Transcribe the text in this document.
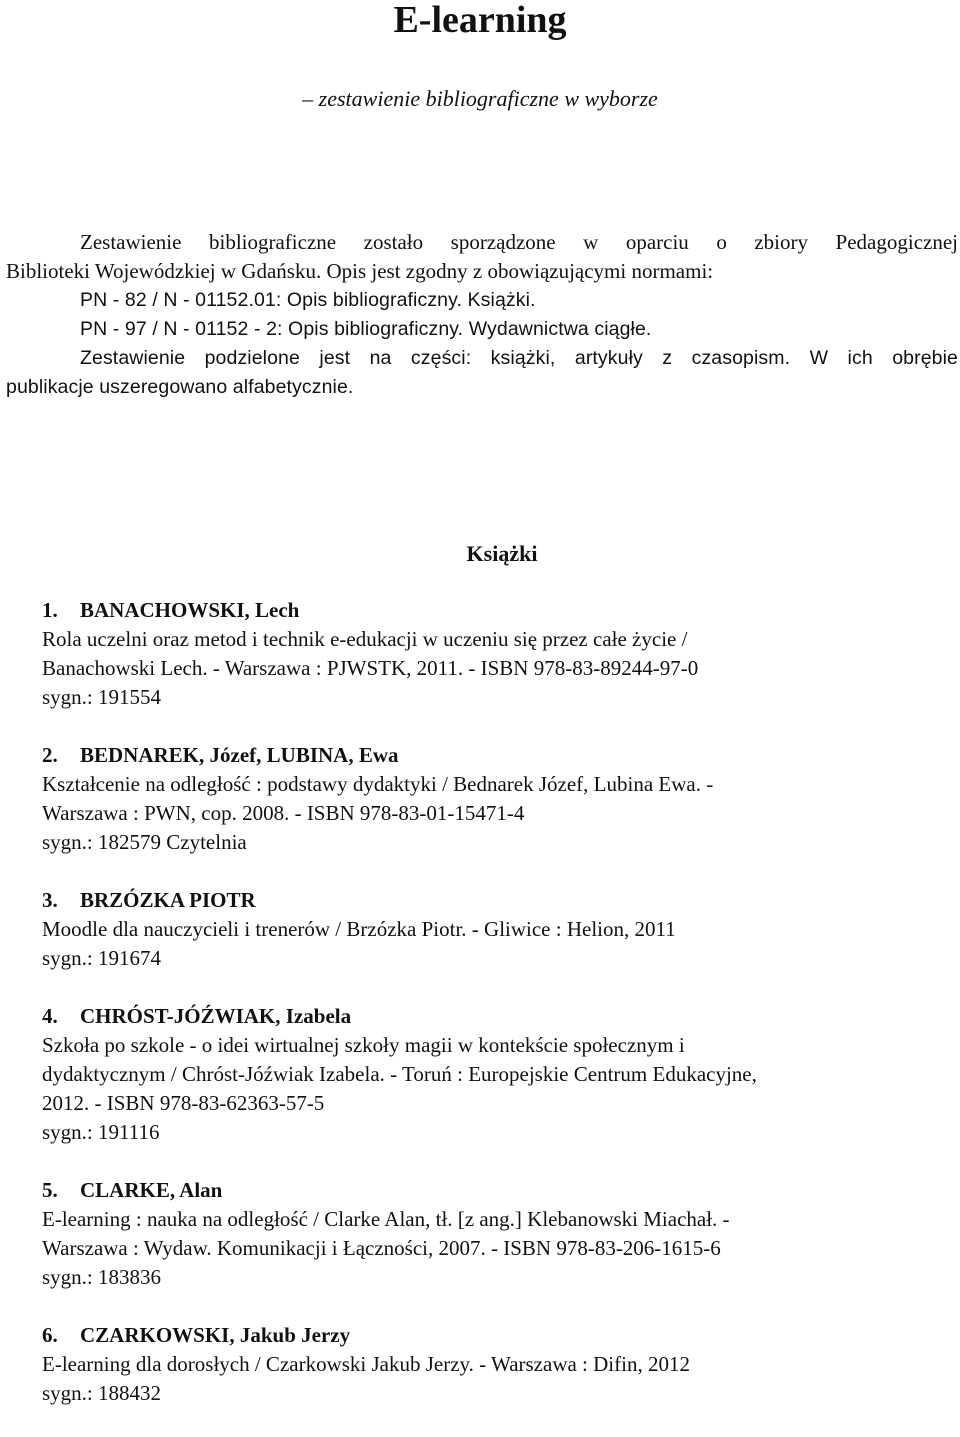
E-learning
– zestawienie bibliograficzne w wyborze

Zestawienie bibliograficzne zostało sporządzone w oparciu o zbiory Pedagogicznej

Biblioteki Wojewódzkiej w Gdańsku. Opis jest zgodny z obowiązującymi normami:

PN - 82 / N - 01152.01: Opis bibliograficzny. Książki.

PN - 97 / N - 01152 - 2: Opis bibliograficzny. Wydawnictwa ciągłe.

Zestawienie podzielone jest na części: książki, artykuły z czasopism. W ich obrębie

publikacje uszeregowano alfabetycznie.

Książki
1. BANACHOWSKI, Lech

Rola uczelni oraz metod i technik e-edukacji w uczeniu się przez całe życie /

Banachowski Lech. - Warszawa : PJWSTK, 2011. - ISBN 978-83-89244-97-0

sygn.: 191554

2. BEDNAREK, Józef, LUBINA, Ewa

Kształcenie na odległość : podstawy dydaktyki / Bednarek Józef, Lubina Ewa. -

Warszawa : PWN, cop. 2008. - ISBN 978-83-01-15471-4

sygn.: 182579 Czytelnia

3. BRZÓZKA PIOTR

Moodle dla nauczycieli i trenerów / Brzózka Piotr. - Gliwice : Helion, 2011

sygn.: 191674

4. CHRÓST-JÓŹWIAK, Izabela

Szkoła po szkole - o idei wirtualnej szkoły magii w kontekście społecznym i

dydaktycznym / Chróst-Jóźwiak Izabela. - Toruń : Europejskie Centrum Edukacyjne,

2012. - ISBN 978-83-62363-57-5

sygn.: 191116

5. CLARKE, Alan

E-learning : nauka na odległość / Clarke Alan, tł. [z ang.] Klebanowski Miachał. -

Warszawa : Wydaw. Komunikacji i Łączności, 2007. - ISBN 978-83-206-1615-6

sygn.: 183836

6. CZARKOWSKI, Jakub Jerzy

E-learning dla dorosłych / Czarkowski Jakub Jerzy. - Warszawa : Difin, 2012

sygn.: 188432
